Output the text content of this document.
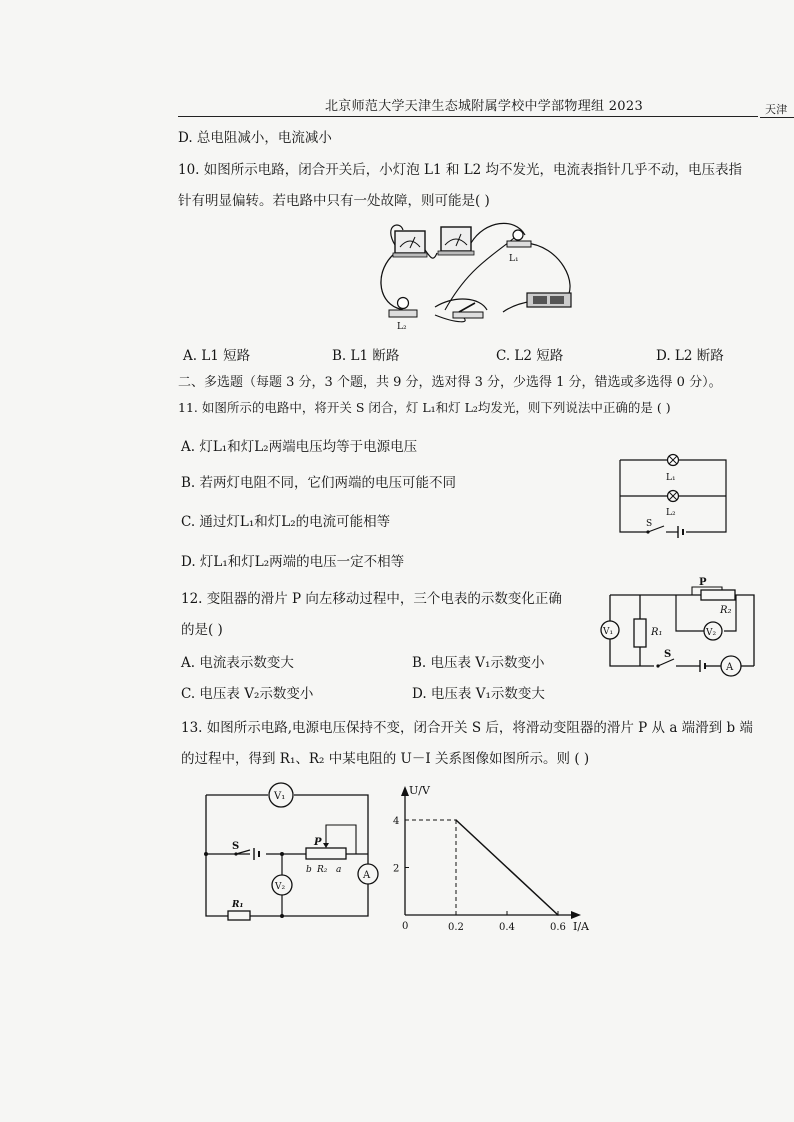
北京师范大学天津生态城附属学校中学部物理组 2023	天津
D. 总电阻减小，电流减小
10. 如图所示电路，闭合开关后，小灯泡 L1 和 L2 均不发光，电流表指针几乎不动，电压表指
针有明显偏转。若电路中只有一处故障，则可能是( )
L₁
L₂
A. L1 短路	B. L1 断路	C. L2 短路	D. L2 断路
二、多选题（每题 3 分，3 个题，共 9 分，选对得 3 分，少选得 1 分，错选或多选得 0 分）。
11. 如图所示的电路中，将开关 S 闭合，灯 L₁和灯 L₂均发光，则下列说法中正确的是 ( )
A. 灯L₁和灯L₂两端电压均等于电源电压
B. 若两灯电阻不同，它们两端的电压可能不同
C. 通过灯L₁和灯L₂的电流可能相等
D. 灯L₁和灯L₂两端的电压一定不相等
L₁
L₂
S
12. 变阻器的滑片 P 向左移动过程中，三个电表的示数变化正确
的是( )
A. 电流表示数变大	B. 电压表 V₁示数变小
C. 电压表 V₂示数变小	D. 电压表 V₁示数变大
P
R₂
R₁
V₁	V₂
S
A
13. 如图所示电路,电源电压保持不变，闭合开关 S 后，将滑动变阻器的滑片 P 从 a 端滑到 b 端
的过程中，得到 R₁、R₂ 中某电阻的 U－I 关系图像如图所示。则 ( )
V₁
S	P
b R₂ a
V₂
A
R₁
U/V
I/A
0	0.2	0.4	0.6
2
4
